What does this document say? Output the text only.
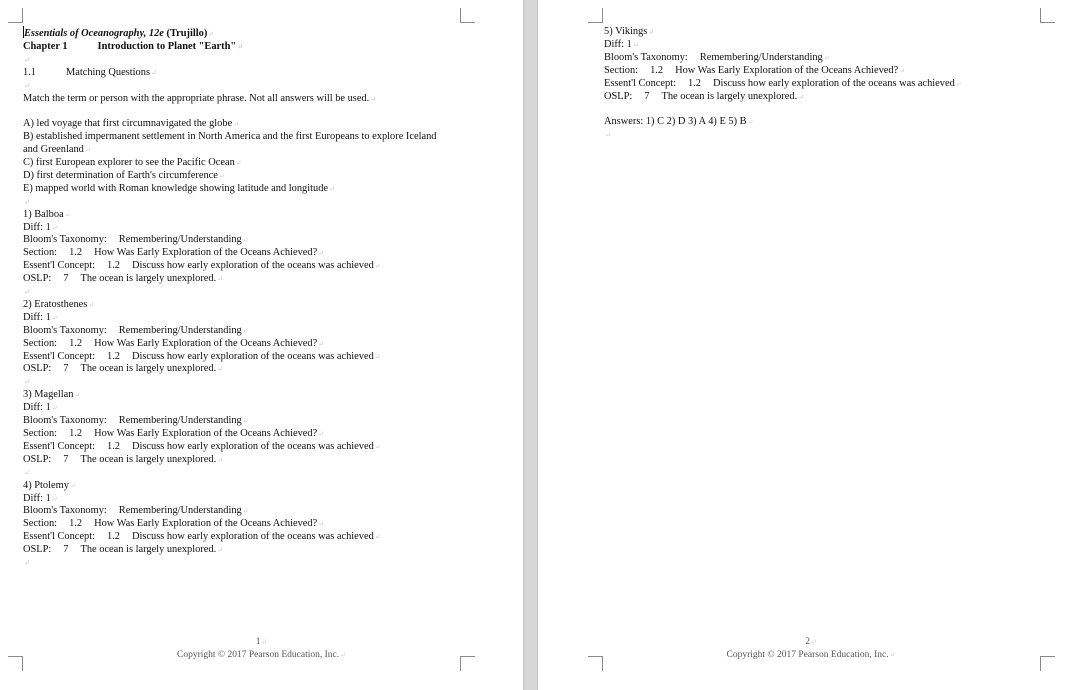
Essentials of Oceanography, 12e (Trujillo) ↵
Chapter 1	Introduction to Planet "Earth" ↵
↵
1.1	Matching Questions ↵
↵
Match the term or person with the appropriate phrase. Not all answers will be used. ↵
A) led voyage that first circumnavigated the globe ↵
B) established impermanent settlement in North America and the first Europeans to explore Iceland and Greenland ↵
C) first European explorer to see the Pacific Ocean ↵
D) first determination of Earth's circumference ↵
E) mapped world with Roman knowledge showing latitude and longitude ↵
↵
1) Balboa ↵
Diff: 1 ↵
Bloom's Taxonomy: Remembering/Understanding ↵
Section: 1.2 How Was Early Exploration of the Oceans Achieved? ↵
Essent'l Concept: 1.2 Discuss how early exploration of the oceans was achieved ↵
OSLP: 7 The ocean is largely unexplored. ↵
↵
2) Eratosthenes ↵
Diff: 1 ↵
Bloom's Taxonomy: Remembering/Understanding ↵
Section: 1.2 How Was Early Exploration of the Oceans Achieved? ↵
Essent'l Concept: 1.2 Discuss how early exploration of the oceans was achieved ↵
OSLP: 7 The ocean is largely unexplored. ↵
↵
3) Magellan ↵
Diff: 1 ↵
Bloom's Taxonomy: Remembering/Understanding ↵
Section: 1.2 How Was Early Exploration of the Oceans Achieved? ↵
Essent'l Concept: 1.2 Discuss how early exploration of the oceans was achieved ↵
OSLP: 7 The ocean is largely unexplored. ↵
↵
4) Ptolemy ↵
Diff: 1 ↵
Bloom's Taxonomy: Remembering/Understanding ↵
Section: 1.2 How Was Early Exploration of the Oceans Achieved? ↵
Essent'l Concept: 1.2 Discuss how early exploration of the oceans was achieved ↵
OSLP: 7 The ocean is largely unexplored. ↵
↵
1 ↵
Copyright © 2017 Pearson Education, Inc. ↵
5) Vikings ↵
Diff: 1 ↵
Bloom's Taxonomy: Remembering/Understanding ↵
Section: 1.2 How Was Early Exploration of the Oceans Achieved? ↵
Essent'l Concept: 1.2 Discuss how early exploration of the oceans was achieved ↵
OSLP: 7 The ocean is largely unexplored. ↵
Answers: 1) C 2) D 3) A 4) E 5) B ↵
↵
2 ↵
Copyright © 2017 Pearson Education, Inc. ↵
